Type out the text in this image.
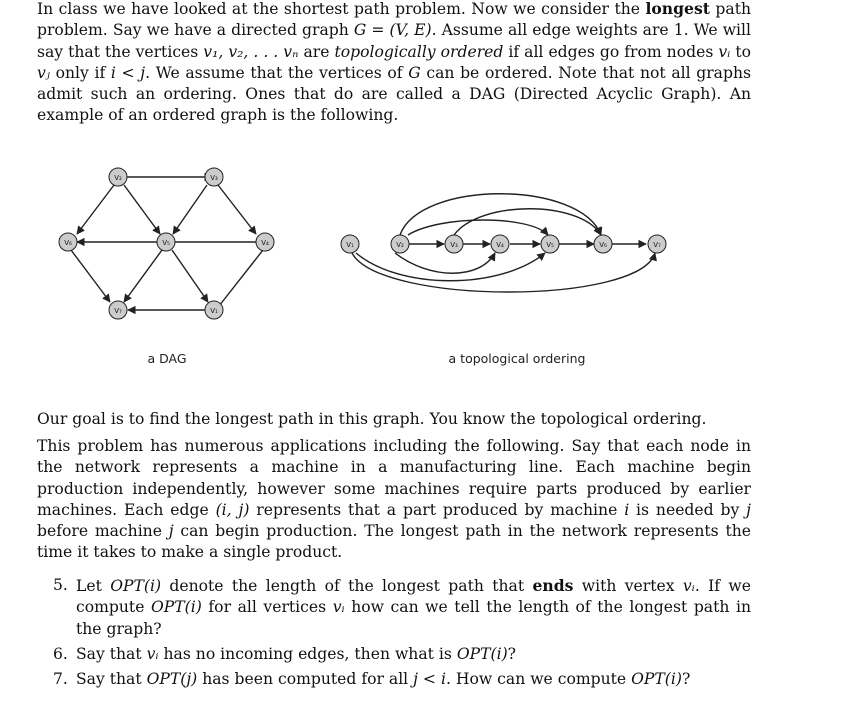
In class we have looked at the shortest path problem. Now we consider the longest path problem. Say we have a directed graph G = (V, E). Assume all edge weights are 1. We will say that the vertices v₁, v₂, . . . vₙ are topologically ordered if all edges go from nodes vᵢ to vⱼ only if i < j. We assume that the vertices of G can be ordered. Note that not all graphs admit such an ordering. Ones that do are called a DAG (Directed Acyclic Graph). An example of an ordered graph is the following.
V₂	V₃
V₆	V₅	V₄
V₇	V₁
V₁	V₂	V₃	V₄	V₅	V₆	V₇
a DAG	a topological ordering
Our goal is to find the longest path in this graph. You know the topological ordering.
This problem has numerous applications including the following. Say that each node in the network represents a machine in a manufacturing line. Each machine begin production independently, however some machines require parts produced by earlier machines. Each edge (i, j) represents that a part produced by machine i is needed by j before machine j can begin production. The longest path in the network represents the time it takes to make a single product.
5. Let OPT(i) denote the length of the longest path that ends with vertex vᵢ. If we compute OPT(i) for all vertices vᵢ how can we tell the length of the longest path in the graph?
6. Say that vᵢ has no incoming edges, then what is OPT(i)?
7. Say that OPT(j) has been computed for all j < i. How can we compute OPT(i)?
